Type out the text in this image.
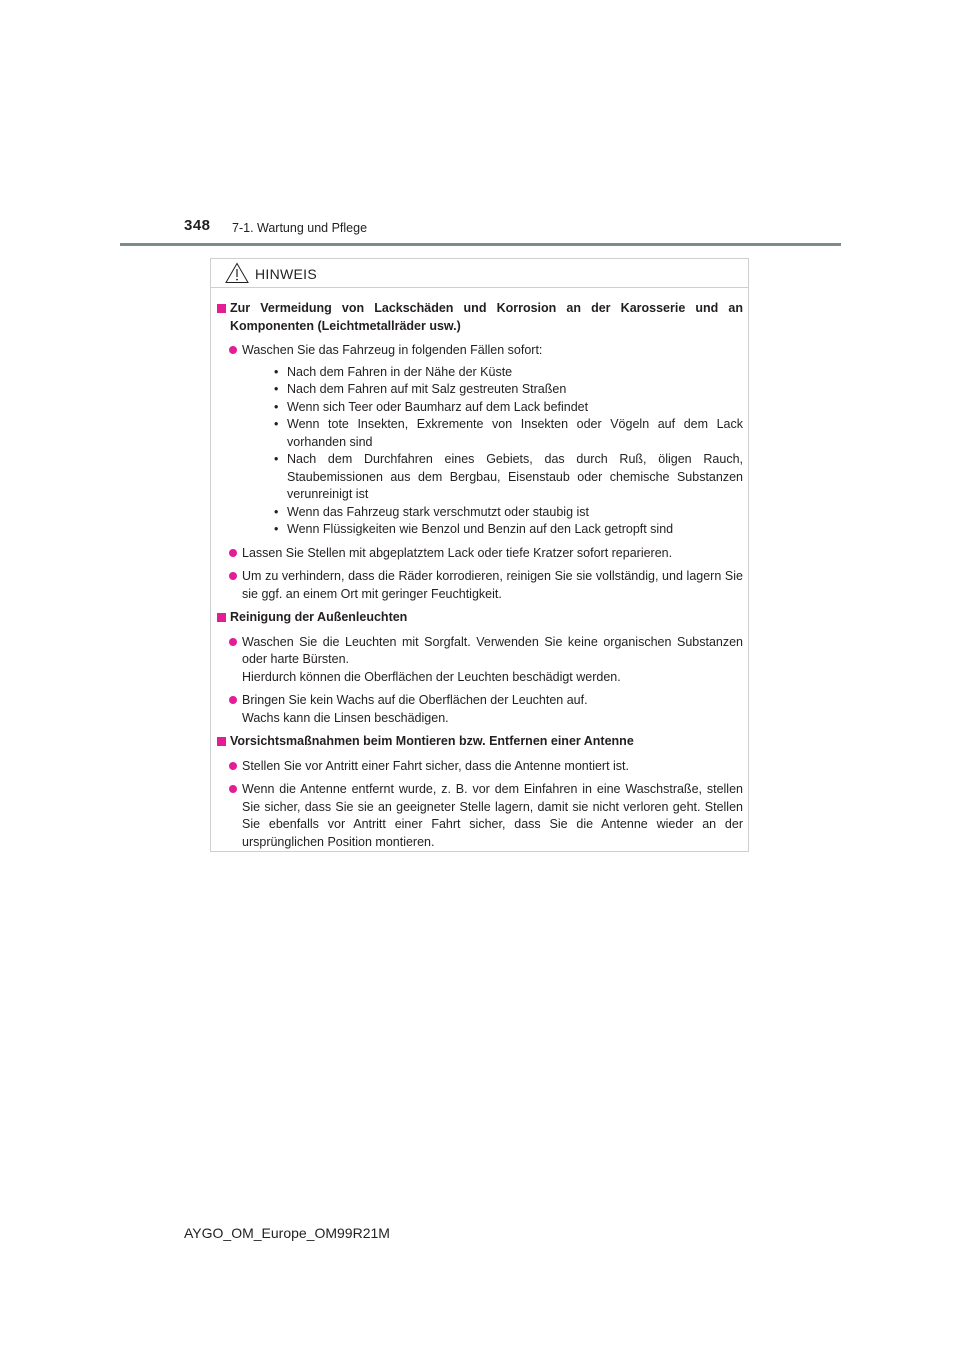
348 7-1. Wartung und Pflege
HINWEIS
Zur Vermeidung von Lackschäden und Korrosion an der Karosserie und an Komponenten (Leichtmetallräder usw.)
Waschen Sie das Fahrzeug in folgenden Fällen sofort:
• Nach dem Fahren in der Nähe der Küste
• Nach dem Fahren auf mit Salz gestreuten Straßen
• Wenn sich Teer oder Baumharz auf dem Lack befindet
• Wenn tote Insekten, Exkremente von Insekten oder Vögeln auf dem Lack vorhanden sind
• Nach dem Durchfahren eines Gebiets, das durch Ruß, öligen Rauch, Staubemissionen aus dem Bergbau, Eisenstaub oder chemische Substanzen verunreinigt ist
• Wenn das Fahrzeug stark verschmutzt oder staubig ist
• Wenn Flüssigkeiten wie Benzol und Benzin auf den Lack getropft sind
Lassen Sie Stellen mit abgeplatztem Lack oder tiefe Kratzer sofort reparieren.
Um zu verhindern, dass die Räder korrodieren, reinigen Sie sie vollständig, und lagern Sie sie ggf. an einem Ort mit geringer Feuchtigkeit.
Reinigung der Außenleuchten
Waschen Sie die Leuchten mit Sorgfalt. Verwenden Sie keine organischen Substanzen oder harte Bürsten.
Hierdurch können die Oberflächen der Leuchten beschädigt werden.
Bringen Sie kein Wachs auf die Oberflächen der Leuchten auf.
Wachs kann die Linsen beschädigen.
Vorsichtsmaßnahmen beim Montieren bzw. Entfernen einer Antenne
Stellen Sie vor Antritt einer Fahrt sicher, dass die Antenne montiert ist.
Wenn die Antenne entfernt wurde, z. B. vor dem Einfahren in eine Waschstraße, stellen Sie sicher, dass Sie sie an geeigneter Stelle lagern, damit sie nicht verloren geht. Stellen Sie ebenfalls vor Antritt einer Fahrt sicher, dass Sie die Antenne wieder an der ursprünglichen Position montieren.
AYGO_OM_Europe_OM99R21M
